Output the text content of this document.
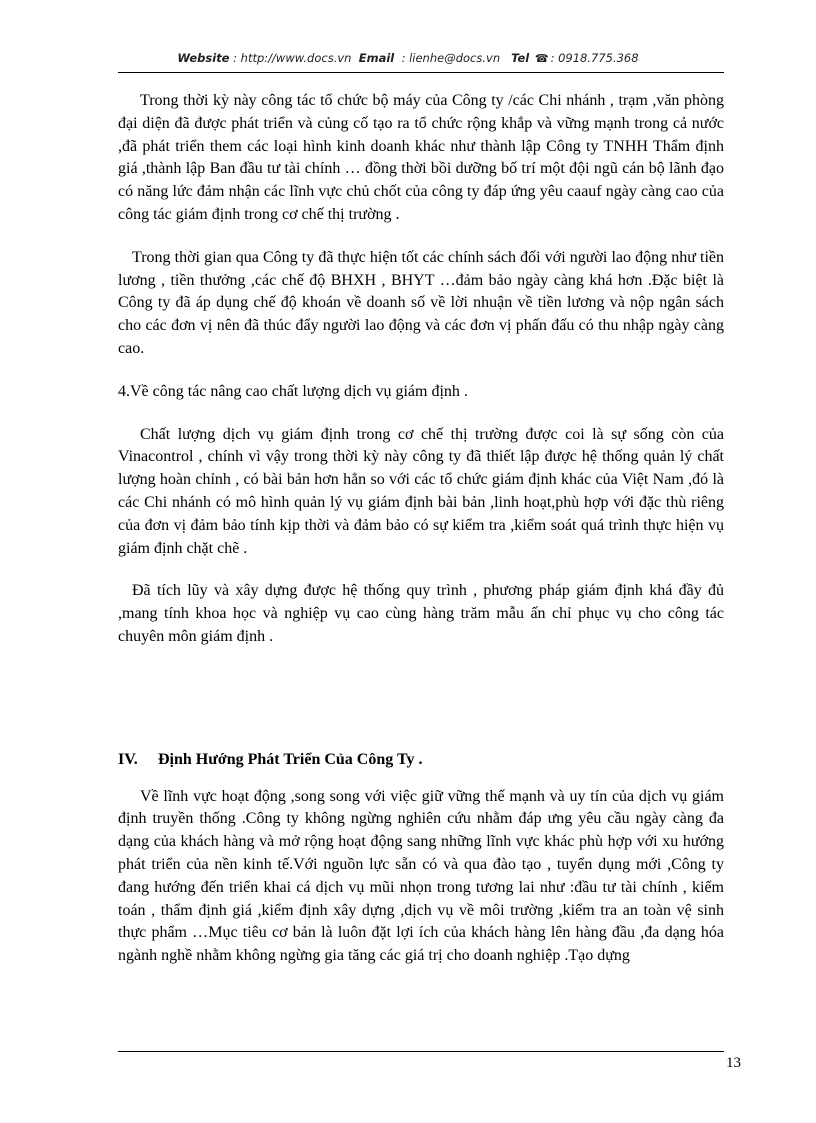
Website : http://www.docs.vn Email : lienhe@docs.vn Tel ☎ : 0918.775.368

Trong thời kỳ này công tác tổ chức bộ máy của Công ty /các Chi nhánh , trạm ,văn phòng đại diện đã được phát triển và củng cố tạo ra tổ chức rộng khắp và vững mạnh trong cả nước ,đã phát triển them các loại hình kinh doanh khác như thành lập Công ty TNHH Thẩm định giá ,thành lập Ban đầu tư tài chính … đồng thời bồi dưỡng bố trí một đội ngũ cán bộ lãnh đạo có năng lức đảm nhận các lĩnh vực chủ chốt của công ty đáp ứng yêu caauf ngày càng cao của công tác giám định trong cơ chế thị trường .

Trong thời gian qua Công ty đã thực hiện tốt các chính sách đối với người lao động như tiền lương , tiền thưởng ,các chế độ BHXH , BHYT …đảm bảo ngày càng khá hơn .Đặc biệt là Công ty đã áp dụng chế độ khoán về doanh số về lời nhuận về tiền lương và nộp ngân sách cho các đơn vị nên đã thúc đẩy người lao động và các đơn vị phấn đấu có thu nhập ngày càng cao.

4.Về công tác nâng cao chất lượng dịch vụ giám định .

Chất lượng dịch vụ giám định trong cơ chế thị trường được coi là sự sống còn của Vinacontrol , chính vì vậy trong thời kỳ này công ty đã thiết lập được hệ thống quản lý chất lượng hoàn chỉnh , có bài bản hơn hẳn so với các tổ chức giám định khác của Việt Nam ,đó là các Chi nhánh có mô hình quản lý vụ giám định bài bản ,linh hoạt,phù hợp với đặc thù riêng của đơn vị đảm bảo tính kịp thời và đảm bảo có sự kiểm tra ,kiểm soát quá trình thực hiện vụ giám định chặt chẽ .

Đã tích lũy và xây dựng được hệ thống quy trình , phương pháp giám định khá đầy đủ ,mang tính khoa học và nghiệp vụ cao cùng hàng trăm mẫu ấn chỉ phục vụ cho công tác chuyên môn giám định .

IV. Định Hướng Phát Triển Của Công Ty .

Về lĩnh vực hoạt động ,song song với việc giữ vững thế mạnh và uy tín của dịch vụ giám định truyền thống .Công ty không ngừng nghiên cứu nhằm đáp ưng yêu cầu ngày càng đa dạng của khách hàng và mở rộng hoạt động sang những lĩnh vực khác phù hợp với xu hướng phát triển của nền kinh tế.Với nguồn lực sẵn có và qua đào tạo , tuyển dụng mới ,Công ty đang hướng đến triển khai cá dịch vụ mũi nhọn trong tương lai như :đầu tư tài chính , kiểm toán , thẩm định giá ,kiểm định xây dựng ,dịch vụ về môi trường ,kiểm tra an toàn vệ sinh thực phẩm …Mục tiêu cơ bản là luôn đặt lợi ích của khách hàng lên hàng đầu ,đa dạng hóa ngành nghề nhằm không ngừng gia tăng các giá trị cho doanh nghiệp .Tạo dựng

13
